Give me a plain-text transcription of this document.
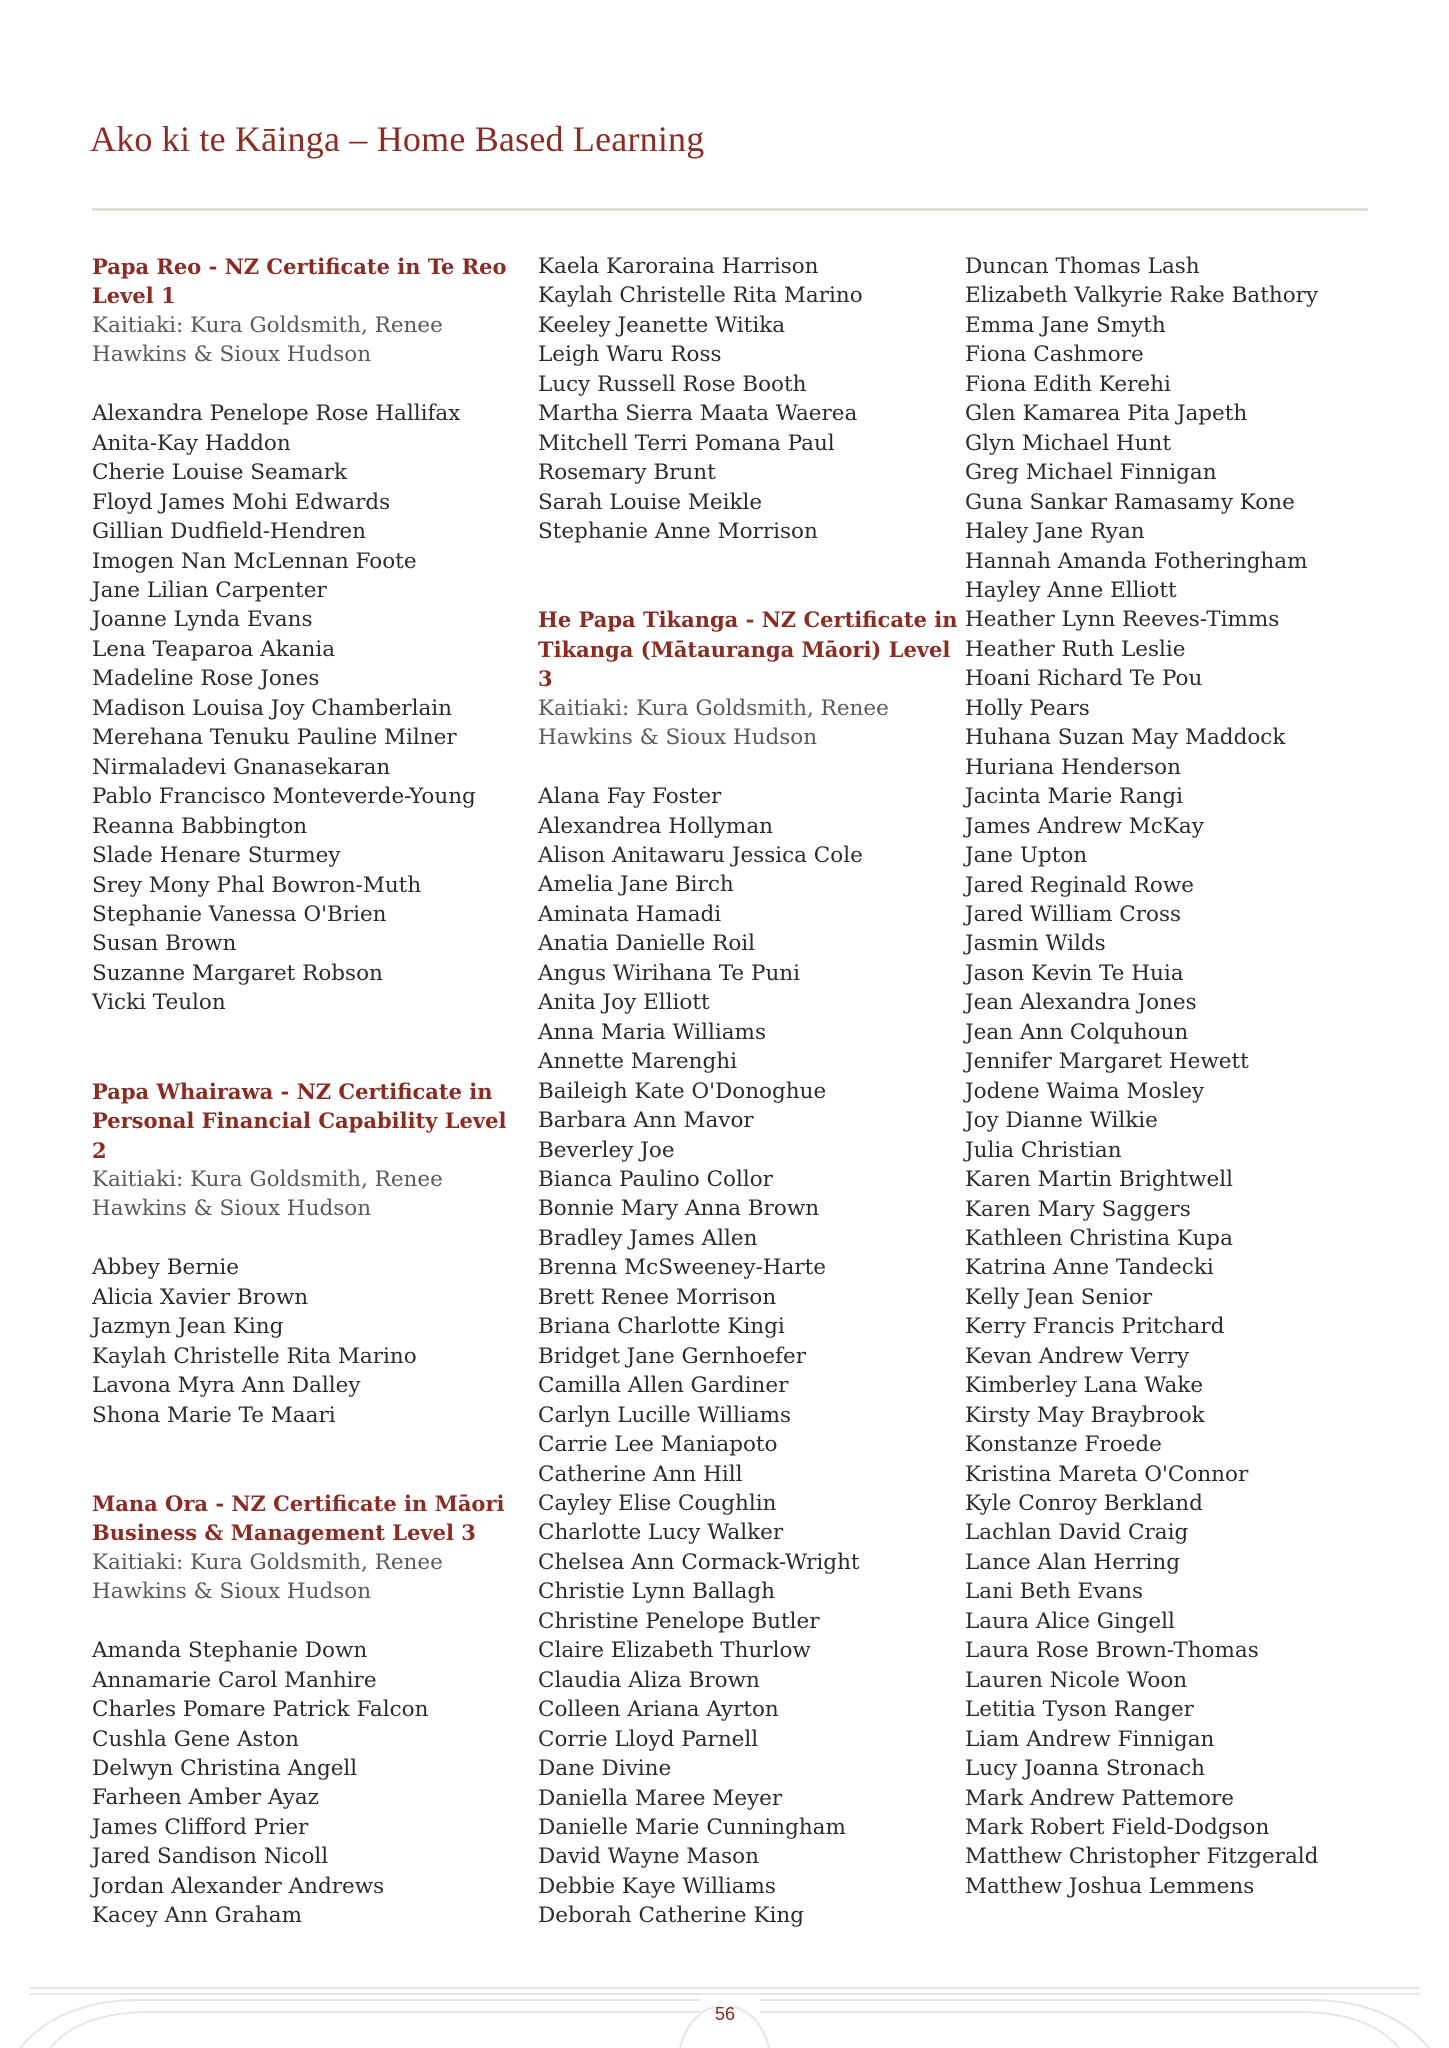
Ako ki te Kāinga – Home Based Learning
Papa Reo - NZ Certificate in Te Reo Level 1
Kaitiaki: Kura Goldsmith, Renee Hawkins & Sioux Hudson
Alexandra Penelope Rose Hallifax
Anita-Kay Haddon
Cherie Louise Seamark
Floyd James Mohi Edwards
Gillian Dudfield-Hendren
Imogen Nan McLennan Foote
Jane Lilian Carpenter
Joanne Lynda Evans
Lena Teaparoa Akania
Madeline Rose Jones
Madison Louisa Joy Chamberlain
Merehana Tenuku Pauline Milner
Nirmaladevi Gnanasekaran
Pablo Francisco Monteverde-Young
Reanna Babbington
Slade Henare Sturmey
Srey Mony Phal Bowron-Muth
Stephanie Vanessa O'Brien
Susan Brown
Suzanne Margaret Robson
Vicki Teulon
Papa Whairawa - NZ Certificate in Personal Financial Capability Level 2
Kaitiaki: Kura Goldsmith, Renee Hawkins & Sioux Hudson
Abbey Bernie
Alicia Xavier Brown
Jazmyn Jean King
Kaylah Christelle Rita Marino
Lavona Myra Ann Dalley
Shona Marie Te Maari
Mana Ora - NZ Certificate in Māori Business & Management Level 3
Kaitiaki: Kura Goldsmith, Renee Hawkins & Sioux Hudson
Amanda Stephanie Down
Annamarie Carol Manhire
Charles Pomare Patrick Falcon
Cushla Gene Aston
Delwyn Christina Angell
Farheen Amber Ayaz
James Clifford Prier
Jared Sandison Nicoll
Jordan Alexander Andrews
Kacey Ann Graham
Kaela Karoraina Harrison
Kaylah Christelle Rita Marino
Keeley Jeanette Witika
Leigh Waru Ross
Lucy Russell Rose Booth
Martha Sierra Maata Waerea
Mitchell Terri Pomana Paul
Rosemary Brunt
Sarah Louise Meikle
Stephanie Anne Morrison
He Papa Tikanga - NZ Certificate in Tikanga (Mātauranga Māori) Level 3
Kaitiaki: Kura Goldsmith, Renee Hawkins & Sioux Hudson
Alana Fay Foster
Alexandrea Hollyman
Alison Anitawaru Jessica Cole
Amelia Jane Birch
Aminata Hamadi
Anatia Danielle Roil
Angus Wirihana Te Puni
Anita Joy Elliott
Anna Maria Williams
Annette Marenghi
Baileigh Kate O'Donoghue
Barbara Ann Mavor
Beverley Joe
Bianca Paulino Collor
Bonnie Mary Anna Brown
Bradley James Allen
Brenna McSweeney-Harte
Brett Renee Morrison
Briana Charlotte Kingi
Bridget Jane Gernhoefer
Camilla Allen Gardiner
Carlyn Lucille Williams
Carrie Lee Maniapoto
Catherine Ann Hill
Cayley Elise Coughlin
Charlotte Lucy Walker
Chelsea Ann Cormack-Wright
Christie Lynn Ballagh
Christine Penelope Butler
Claire Elizabeth Thurlow
Claudia Aliza Brown
Colleen Ariana Ayrton
Corrie Lloyd Parnell
Dane Divine
Daniella Maree Meyer
Danielle Marie Cunningham
David Wayne Mason
Debbie Kaye Williams
Deborah Catherine King
Duncan Thomas Lash
Elizabeth Valkyrie Rake Bathory
Emma Jane Smyth
Fiona Cashmore
Fiona Edith Kerehi
Glen Kamarea Pita Japeth
Glyn Michael Hunt
Greg Michael Finnigan
Guna Sankar Ramasamy Kone
Haley Jane Ryan
Hannah Amanda Fotheringham
Hayley Anne Elliott
Heather Lynn Reeves-Timms
Heather Ruth Leslie
Hoani Richard Te Pou
Holly Pears
Huhana Suzan May Maddock
Huriana Henderson
Jacinta Marie Rangi
James Andrew McKay
Jane Upton
Jared Reginald Rowe
Jared William Cross
Jasmin Wilds
Jason Kevin Te Huia
Jean Alexandra Jones
Jean Ann Colquhoun
Jennifer Margaret Hewett
Jodene Waima Mosley
Joy Dianne Wilkie
Julia Christian
Karen Martin Brightwell
Karen Mary Saggers
Kathleen Christina Kupa
Katrina Anne Tandecki
Kelly Jean Senior
Kerry Francis Pritchard
Kevan Andrew Verry
Kimberley Lana Wake
Kirsty May Braybrook
Konstanze Froede
Kristina Mareta O'Connor
Kyle Conroy Berkland
Lachlan David Craig
Lance Alan Herring
Lani Beth Evans
Laura Alice Gingell
Laura Rose Brown-Thomas
Lauren Nicole Woon
Letitia Tyson Ranger
Liam Andrew Finnigan
Lucy Joanna Stronach
Mark Andrew Pattemore
Mark Robert Field-Dodgson
Matthew Christopher Fitzgerald
Matthew Joshua Lemmens
56
